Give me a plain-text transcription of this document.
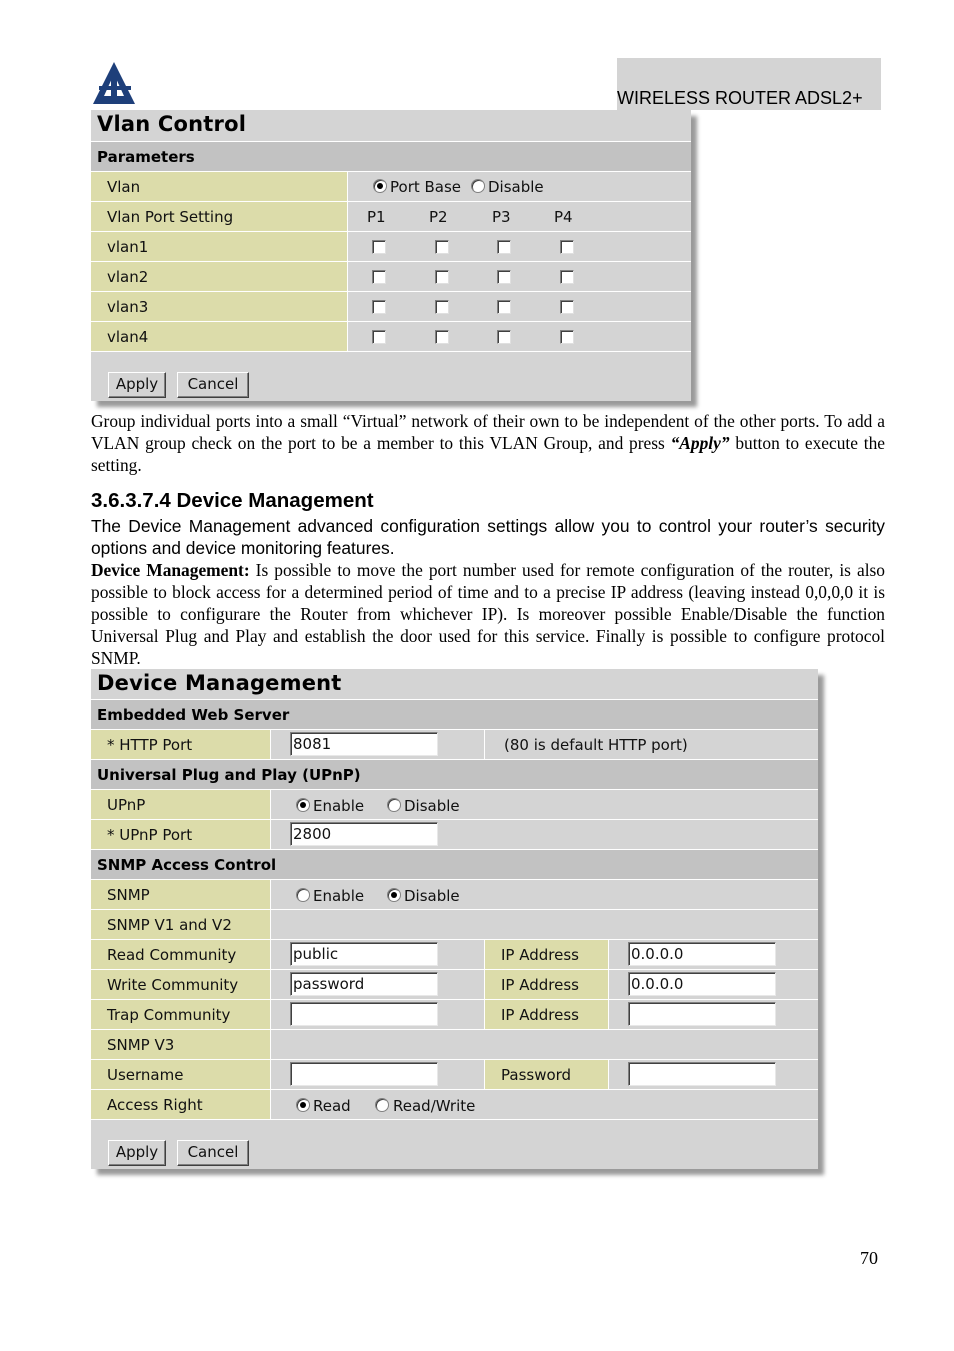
WIRELESS ROUTER ADSL2+
Vlan Control
Parameters
Vlan	Port Base Disable
Vlan Port Setting	P1	P2	P3	P4
vlan1
vlan2
vlan3
vlan4
Apply	Cancel
Group individual ports into a small “Virtual” network of their own to be independent of the other ports. To add a VLAN group check on the port to be a member to this VLAN Group, and press “Apply” button to execute the setting.
3.6.3.7.4 Device Management
The Device Management advanced configuration settings allow you to control your router’s security options and device monitoring features.
Device Management: Is possible to move the port number used for remote configuration of the router, is also possible to block access for a determined period of time and to a precise IP address (leaving instead 0,0,0,0 it is possible to configurare the Router from whichever IP). Is moreover possible Enable/Disable the function Universal Plug and Play and establish the door used for this service. Finally is possible to configure protocol SNMP.
Device Management
Embedded Web Server
* HTTP Port	8081	(80 is default HTTP port)
Universal Plug and Play (UPnP)
UPnP	Enable	Disable
* UPnP Port	2800
SNMP Access Control
SNMP	Enable	Disable
SNMP V1 and V2
Read Community	public	IP Address	0.0.0.0
Write Community	password	IP Address	0.0.0.0
Trap Community	IP Address
SNMP V3
Username	Password
Access Right	Read	Read/Write
Apply	Cancel
70
